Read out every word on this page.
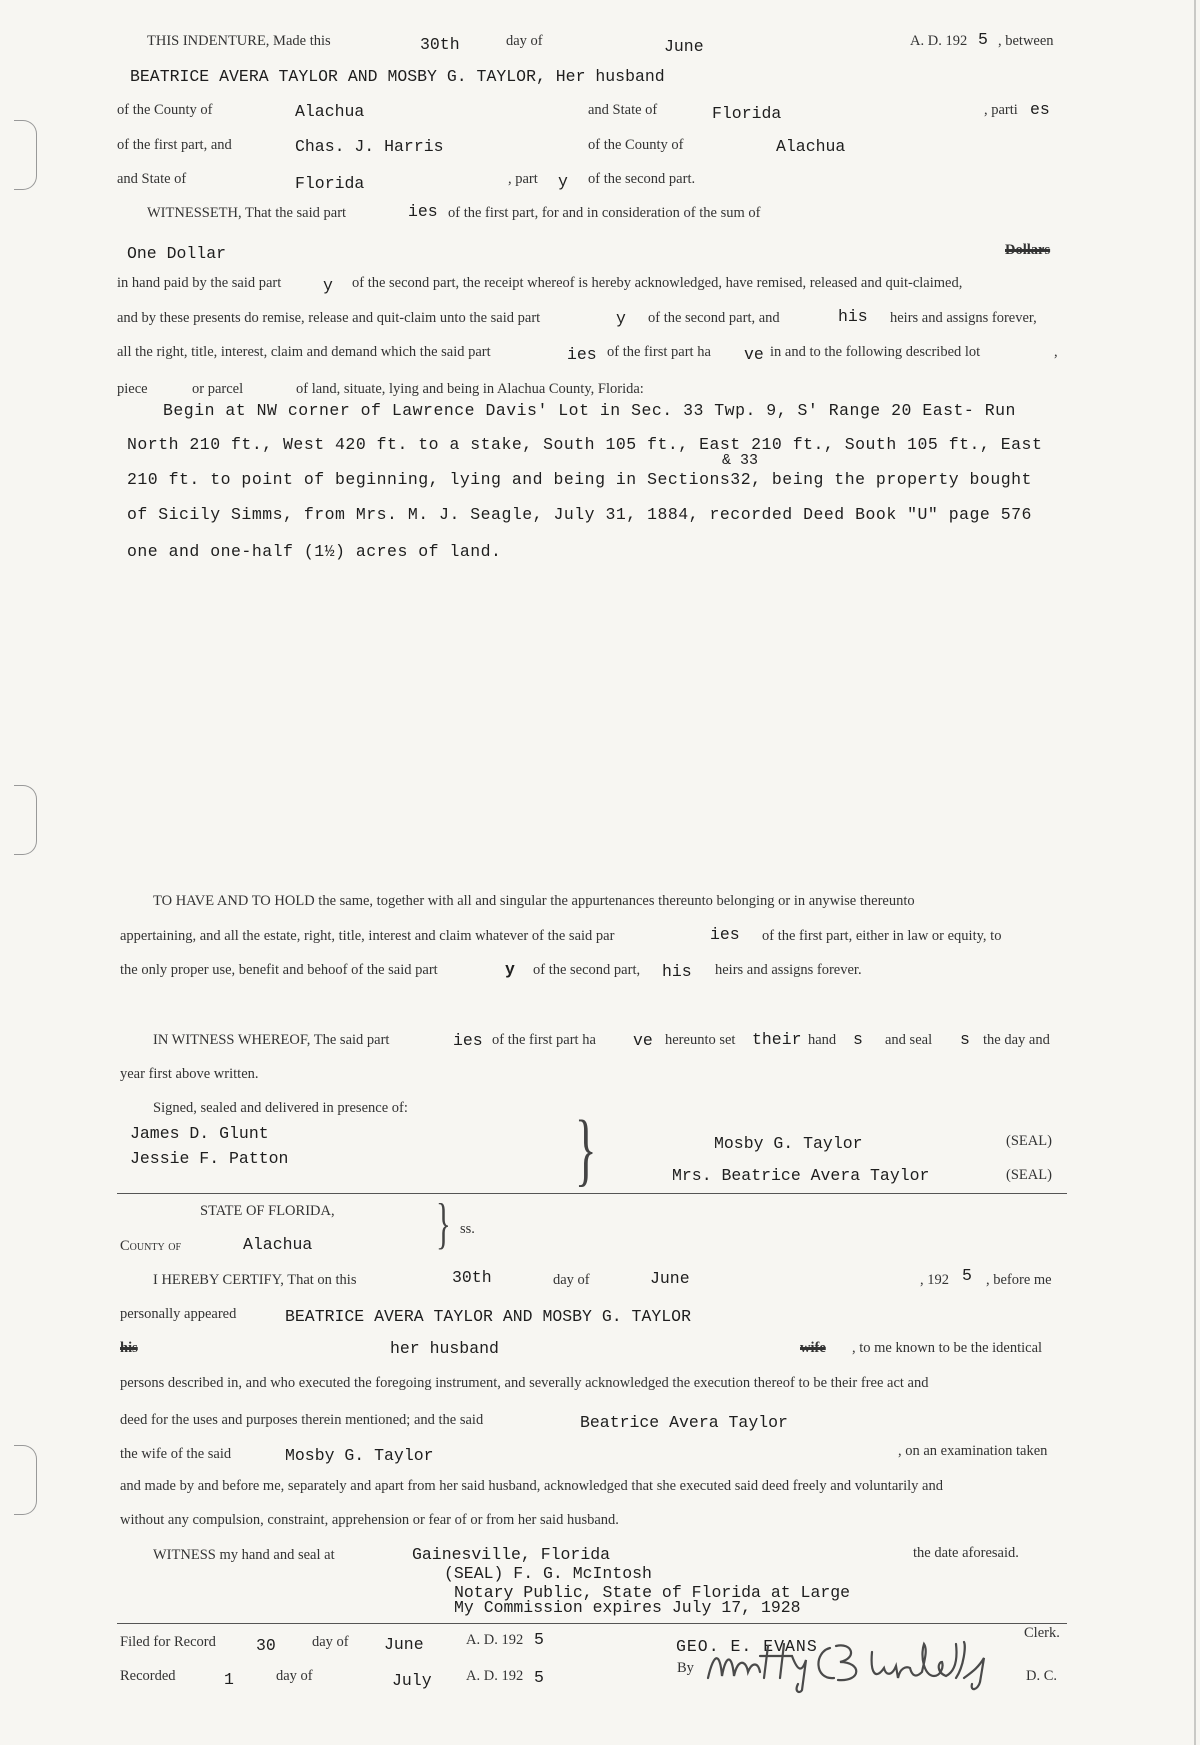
THIS INDENTURE, Made this	30th	day of	June	A. D. 192 5 , between
BEATRICE AVERA TAYLOR AND MOSBY G. TAYLOR, Her husband
of the County of	Alachua	and State of	Florida	, parti es
of the first part, and	Chas. J. Harris	of the County of	Alachua
and State of	Florida	, part y of the second part.
WITNESSETH, That the said part	ies of the first part, for and in consideration of the sum of
One Dollar	Dollars
in hand paid by the said part	y of the second part, the receipt whereof is hereby acknowledged, have remised, released and quit-claimed,
and by these presents do remise, release and quit-claim unto the said part	y of the second part, and	his heirs and assigns forever,
all the right, title, interest, claim and demand which the said part	ies of the first part ha ve in and to the following described lot	,
piece	or parcel	of land, situate, lying and being in Alachua County, Florida:
Begin at NW corner of Lawrence Davis' Lot in Sec. 33 Twp. 9, S' Range 20 East- Run
North 210 ft., West 420 ft. to a stake, South 105 ft., East 210 ft., South 105 ft., East
& 33
210 ft. to point of beginning, lying and being in Sections32, being the property bought
of Sicily Simms, from Mrs. M. J. Seagle, July 31, 1884, recorded Deed Book "U" page 576
one and one-half (1½) acres of land.
TO HAVE AND TO HOLD the same, together with all and singular the appurtenances thereunto belonging or in anywise thereunto
appertaining, and all the estate, right, title, interest and claim whatever of the said par	ies of the first part, either in law or equity, to
the only proper use, benefit and behoof of the said part	y of the second part, his heirs and assigns forever.
IN WITNESS WHEREOF, The said part	ies of the first part ha ve hereunto set their hand s and seal s the day and
year first above written.
Signed, sealed and delivered in presence of:
James D. Glunt
Jessie F. Patton	}	Mosby G. Taylor
Mrs. Beatrice Avera Taylor
(SEAL)
(SEAL)
STATE OF FLORIDA, } ss.
County of	Alachua
I HEREBY CERTIFY, That on this	30th	day of	June	, 192 5 , before me
personally appeared	BEATRICE AVERA TAYLOR AND MOSBY G. TAYLOR
his	her husband	wife , to me known to be the identical
persons described in, and who executed the foregoing instrument, and severally acknowledged the execution thereof to be their free act and
deed for the uses and purposes therein mentioned; and the said	Beatrice Avera Taylor
the wife of the said	Mosby G. Taylor	, on an examination taken
and made by and before me, separately and apart from her said husband, acknowledged that she executed said deed freely and voluntarily and
without any compulsion, constraint, apprehension or fear of or from her said husband.
WITNESS my hand and seal at	Gainesville, Florida	the date aforesaid.
(SEAL) F. G. McIntosh
Notary Public, State of Florida at Large
My Commission expires July 17, 1928
Filed for Record 30 day of June	A. D. 192 5	GEO. E. EVANS
Clerk.
Recorded	1	day of	July A. D. 192 5	By	D. C.
